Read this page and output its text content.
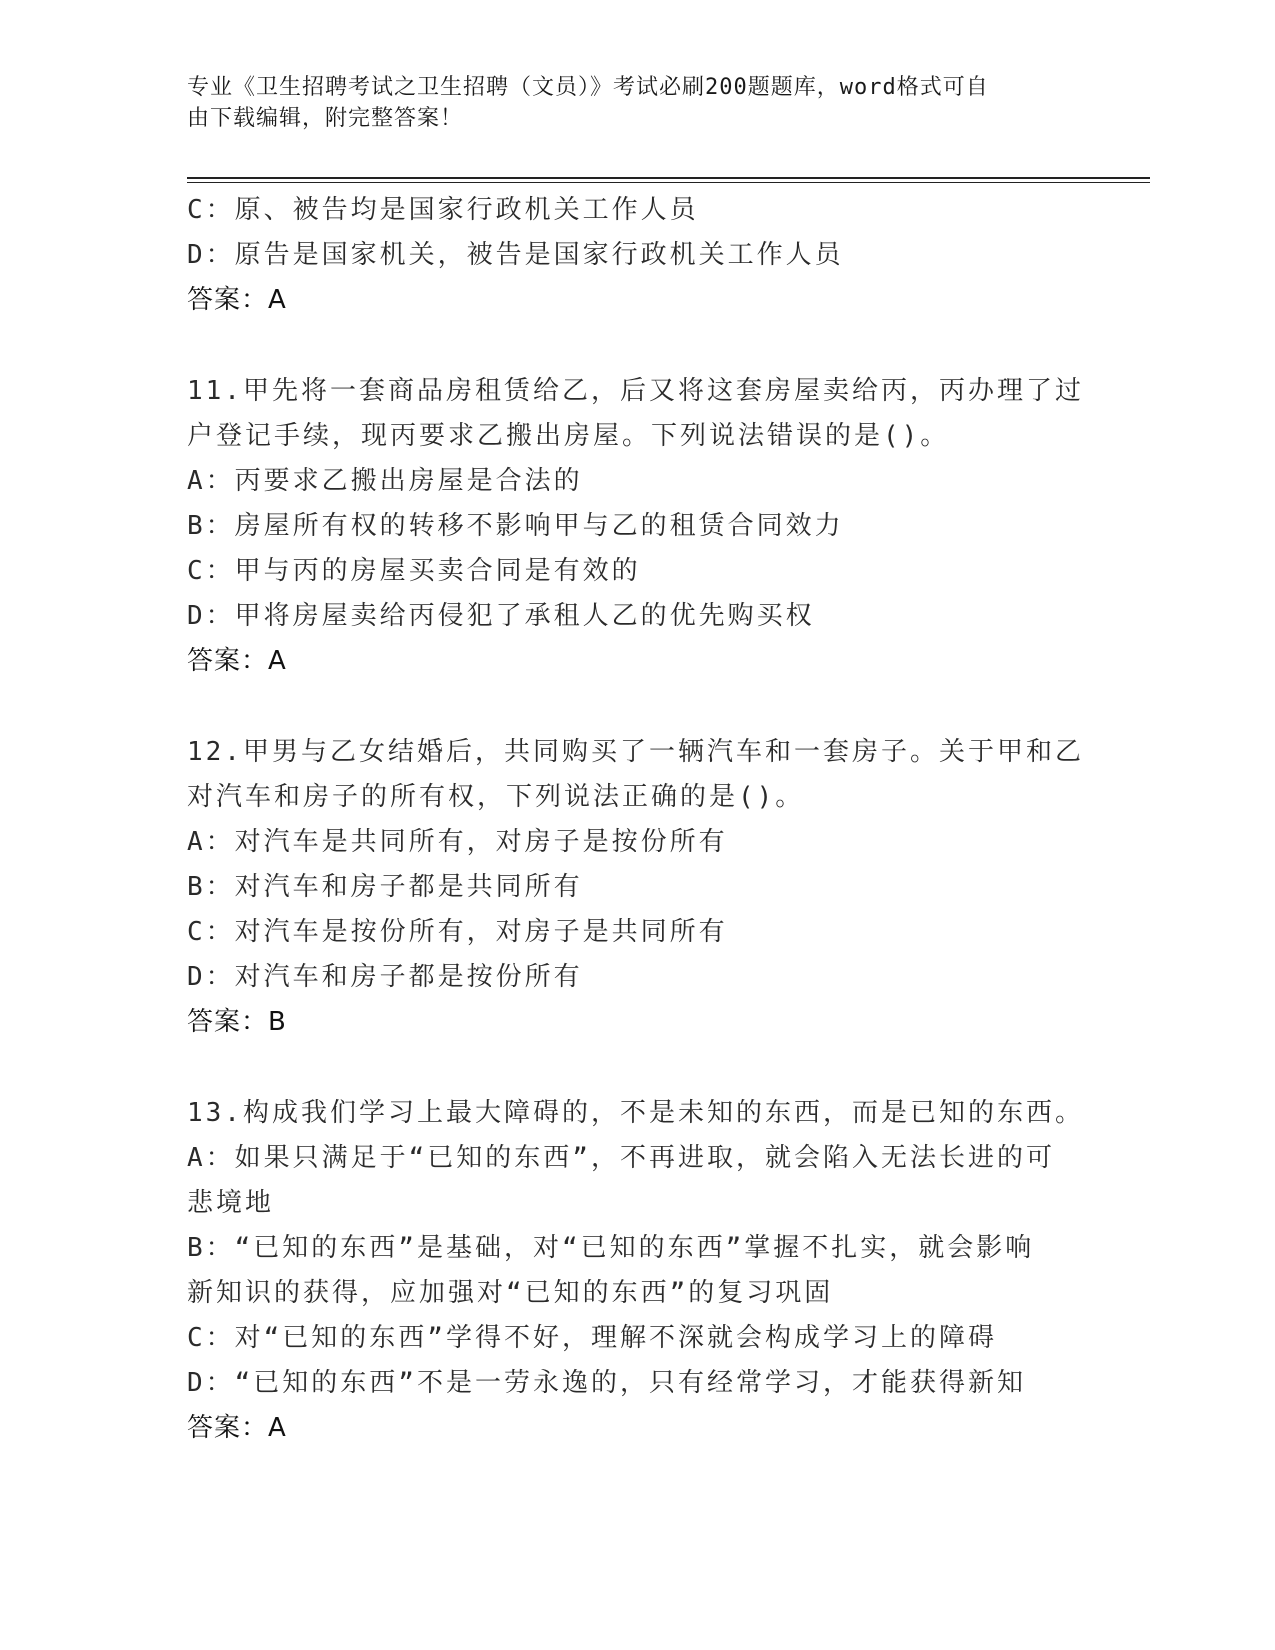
专业《卫生招聘考试之卫生招聘（文员）》考试必刷200题题库，word格式可自
由下载编辑，附完整答案！
C：原、被告均是国家行政机关工作人员
D：原告是国家机关，被告是国家行政机关工作人员
答案：A
11.甲先将一套商品房租赁给乙，后又将这套房屋卖给丙，丙办理了过
户登记手续，现丙要求乙搬出房屋。下列说法错误的是()。
A：丙要求乙搬出房屋是合法的
B：房屋所有权的转移不影响甲与乙的租赁合同效力
C：甲与丙的房屋买卖合同是有效的
D：甲将房屋卖给丙侵犯了承租人乙的优先购买权
答案：A
12.甲男与乙女结婚后，共同购买了一辆汽车和一套房子。关于甲和乙
对汽车和房子的所有权，下列说法正确的是()。
A：对汽车是共同所有，对房子是按份所有
B：对汽车和房子都是共同所有
C：对汽车是按份所有，对房子是共同所有
D：对汽车和房子都是按份所有
答案：B
13.构成我们学习上最大障碍的，不是未知的东西，而是已知的东西。
A：如果只满足于“已知的东西”，不再进取，就会陷入无法长进的可
悲境地
B：“已知的东西”是基础，对“已知的东西”掌握不扎实，就会影响
新知识的获得，应加强对“已知的东西”的复习巩固
C：对“已知的东西”学得不好，理解不深就会构成学习上的障碍
D：“已知的东西”不是一劳永逸的，只有经常学习，才能获得新知
答案：A
